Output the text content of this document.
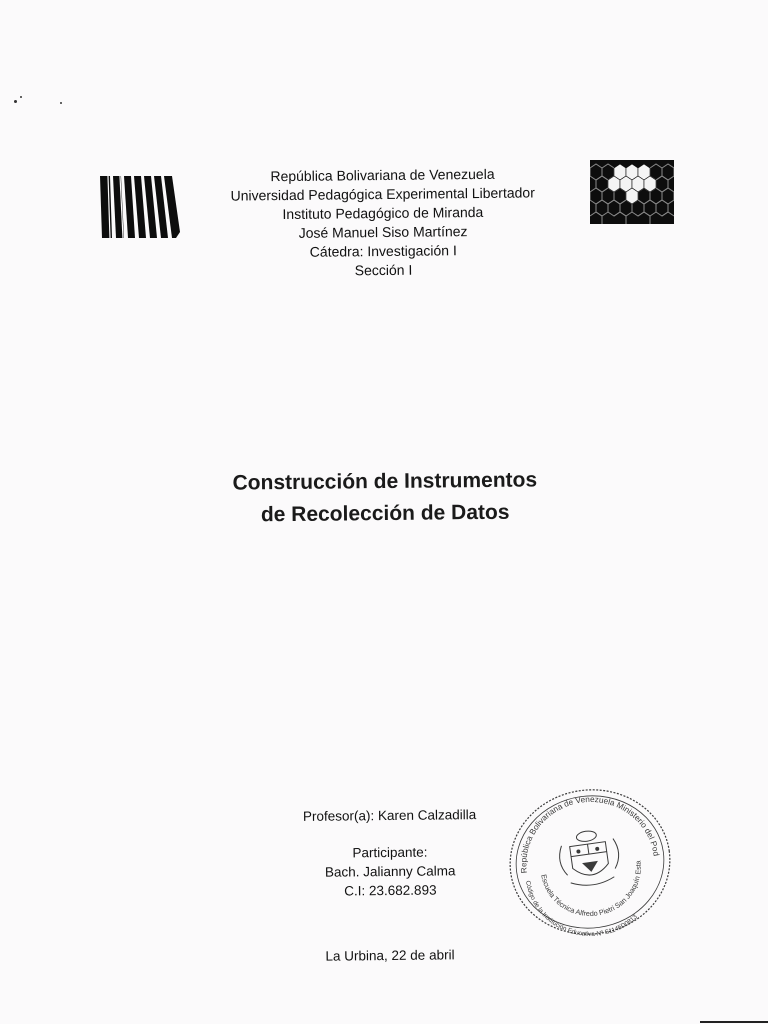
República Bolivariana de Venezuela
Universidad Pedagógica Experimental Libertador
Instituto Pedagógico de Miranda
José Manuel Siso Martínez
Cátedra: Investigación I
Sección I
Construcción de Instrumentos
de Recolección de Datos
Profesor(a): Karen Calzadilla
Participante:
Bach. Jalianny Calma
C.I: 23.682.893
La Urbina, 22 de abril
República Bolivariana de Venezuela Ministerio del Poder
Escuela Técnica Alfredo Pietri San Joaquín Estado
Código de la Institución Educativa Nº S1145D0813
